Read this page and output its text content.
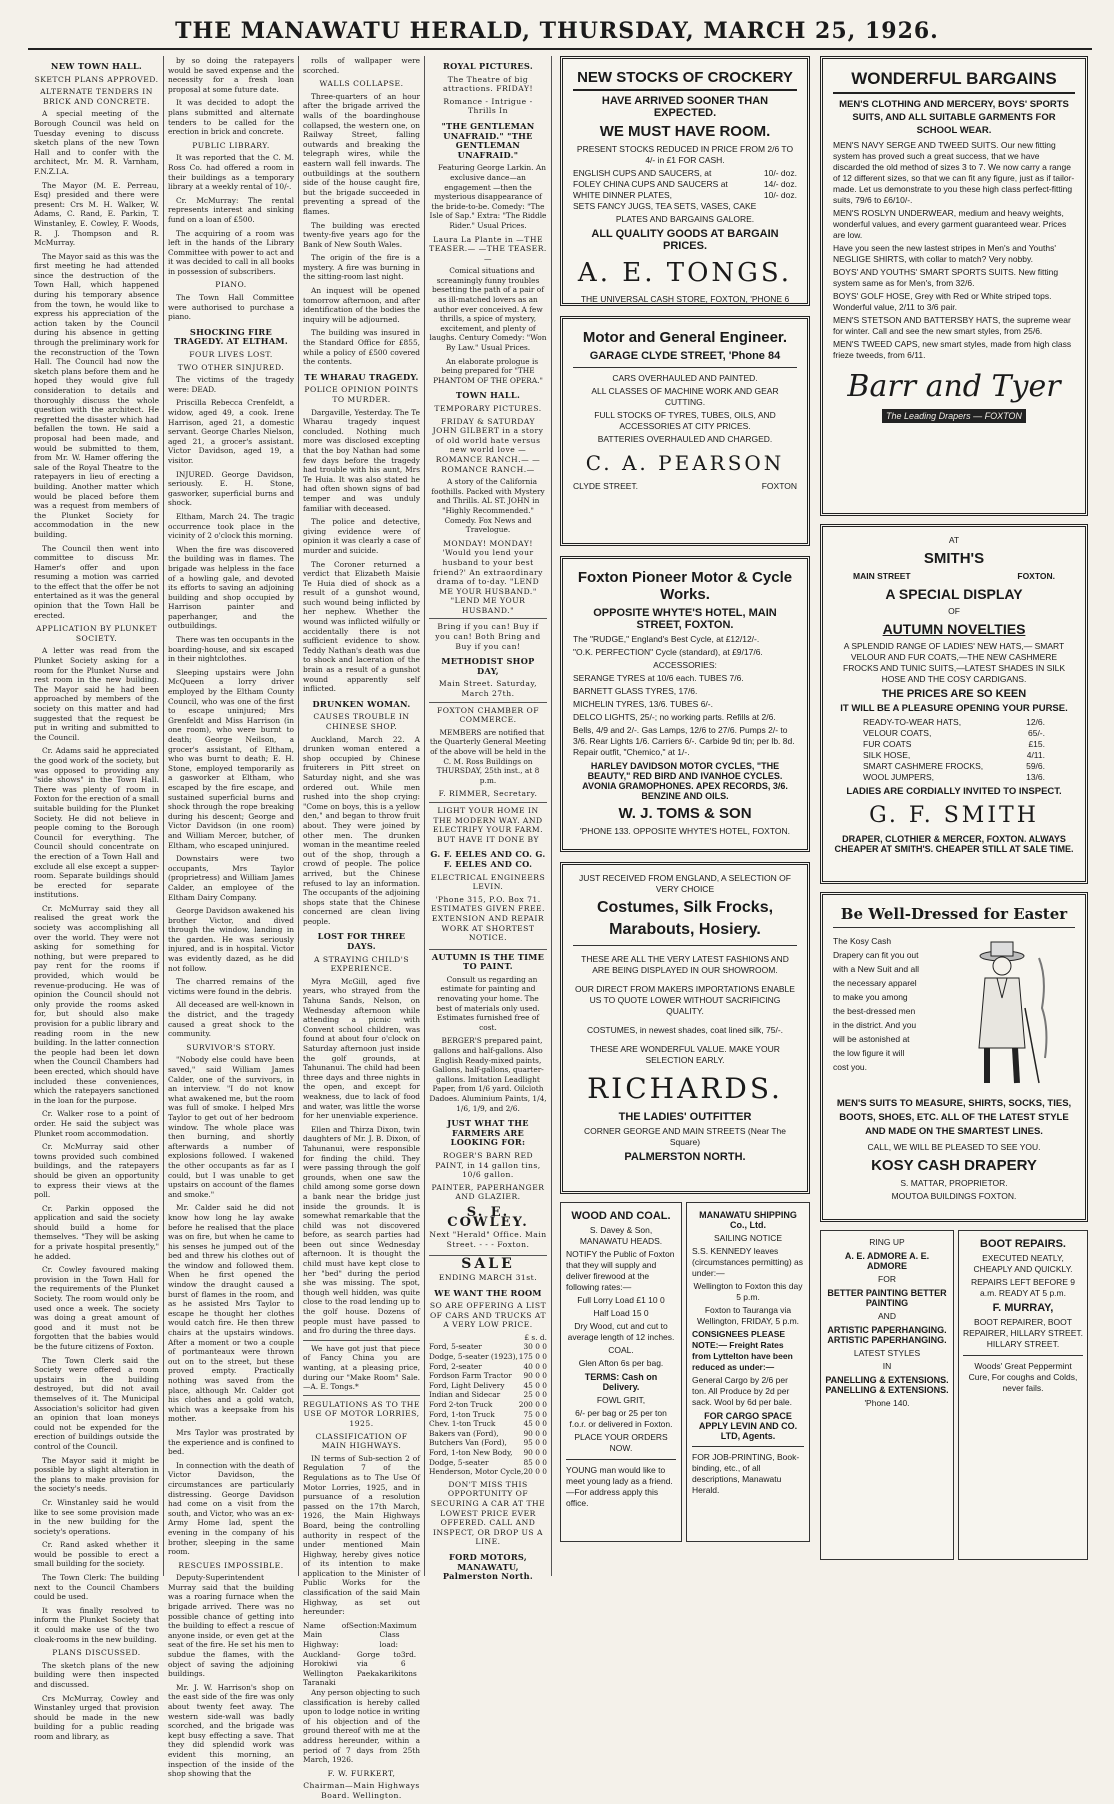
THE MANAWATU HERALD, THURSDAY, MARCH 25, 1926.
NEW TOWN HALL.
SKETCH PLANS APPROVED.
ALTERNATE TENDERS IN BRICK AND CONCRETE.

A special meeting of the Borough Council was held on Tuesday evening to discuss sketch plans of the new Town Hall and to confer with the architect, Mr. M. R. Varnham, F.N.Z.I.A.

The Mayor (M. E. Perreau, Esq) presided and there were present: Crs M. H. Walker, W. Adams, C. Rand, E. Parkin, T. Winstanley, E. Cowley, F. Woods, R. J. Thompson and R. McMurray.

The Mayor said as this was the first meeting he had attended since the destruction of the Town Hall, which happened during his temporary absence from the town, he would like to express his appreciation of the action taken by the Council during his absence in getting through the preliminary work for the reconstruction of the Town Hall. The Council had now the sketch plans before them and he hoped they would give full consideration to details and thoroughly discuss the whole question with the architect. He regretted the disaster which had befallen the town. He said a proposal had been made, and would be submitted to them, from Mr. W. Hamer offering the sale of the Royal Theatre to the ratepayers in lieu of erecting a building. Another matter which would be placed before them was a request from members of the Plunket Society for accommodation in the new building.

The Council then went into committee to discuss Mr. Hamer's offer and upon resuming a motion was carried to the effect that the offer be not entertained as it was the general opinion that the Town Hall be erected.

APPLICATION BY PLUNKET SOCIETY.

A letter was read from the Plunket Society asking for a room for the Plunket Nurse and rest room in the new building. The Mayor said he had been approached by members of the society on this matter and had suggested that the request be put in writing and submitted to the Council.

Cr. Adams said he appreciated the good work of the society, but was opposed to providing any "side shows" in the Town Hall. There was plenty of room in Foxton for the erection of a small suitable building for the Plunket Society. He did not believe in people coming to the Borough Council for everything. The Council should concentrate on the erection of a Town Hall and exclude all else except a supper-room. Separate buildings should be erected for separate institutions.

Cr. McMurray said they all realised the great work the society was accomplishing all over the world. They were not asking for something for nothing, but were prepared to pay rent for the rooms if provided, which would be revenue-producing. He was of opinion the Council should not only provide the rooms asked for, but should also make provision for a public library and reading room in the new building. In the latter connection the people had been let down when the Council Chambers had been erected, which should have included these conveniences, which the ratepayers sanctioned in the loan for the purpose.

Cr. Walker rose to a point of order. He said the subject was Plunket room accommodation.

Cr. McMurray said other towns provided such combined buildings, and the ratepayers should be given an opportunity to express their views at the poll.

Cr. Parkin opposed the application and said the society should build a home for themselves. "They will be asking for a private hospital presently," he added.

Cr. Cowley favoured making provision in the Town Hall for the requirements of the Plunket Society. The room would only be used once a week. The society was doing a great amount of good and it must not be forgotten that the babies would be the future citizens of Foxton.

The Town Clerk said the Society were offered a room upstairs in the building destroyed, but did not avail themselves of it. The Municipal Association's solicitor had given an opinion that loan moneys could not be expended for the erection of buildings outside the control of the Council.

The Mayor said it might be possible by a slight alteration in the plans to make provision for the society's needs.

Cr. Winstanley said he would like to see some provision made in the new building for the society's operations.

Cr. Rand asked whether it would be possible to erect a small building for the society.

The Town Clerk: The building next to the Council Chambers could be used.

It was finally resolved to inform the Plunket Society that it could make use of the two cloak-rooms in the new building.

PLANS DISCUSSED.

The sketch plans of the new building were then inspected and discussed.

Crs McMurray, Cowley and Winstanley urged that provision should be made in the new building for a public reading room and library, as

by so doing the ratepayers would be saved expense and the necessity for a fresh loan proposal at some future date.

It was decided to adopt the plans submitted and alternate tenders to be called for the erection in brick and concrete.

PUBLIC LIBRARY.

It was reported that the C. M. Ross Co. had offered a room in their buildings as a temporary library at a weekly rental of 10/-.

Cr. McMurray: The rental represents interest and sinking fund on a loan of £500.

The acquiring of a room was left in the hands of the Library Committee with power to act and it was decided to call in all books in possession of subscribers.

PIANO.

The Town Hall Committee were authorised to purchase a piano.

SHOCKING FIRE TRAGEDY. AT ELTHAM.
FOUR LIVES LOST.
TWO OTHER SINJURED.

The victims of the tragedy were: DEAD.

Priscilla Rebecca Crenfeldt, a widow, aged 49, a cook. Irene Harrison, aged 21, a domestic servant. George Charles Nielson, aged 21, a grocer's assistant. Victor Davidson, aged 19, a visitor.

INJURED. George Davidson, seriously. E. H. Stone, gasworker, superficial burns and shock.

Eltham, March 24. The tragic occurrence took place in the vicinity of 2 o'clock this morning.

When the fire was discovered the building was in flames. The brigade was helpless in the face of a howling gale, and devoted its efforts to saving an adjoining building and shop occupied by Harrison painter and paperhanger, and the outbuildings.

There was ten occupants in the boarding-house, and six escaped in their nightclothes.

Sleeping upstairs were John McQueen a lorry driver employed by the Eltham County Council, who was one of the first to escape uninjured; Mrs Grenfeldt and Miss Harrison (in one room), who were burnt to death; George Neilson, a grocer's assistant, of Eltham, who was burnt to death; E. H. Stone, employed temporarily as a gasworker at Eltham, who escaped by the fire escape, and sustained superficial burns and shock through the rope breaking during his descent; George and Victor Davidson (in one room) and William Mercer, butcher, of Eltham, who escaped uninjured.

Downstairs were two occupants, Mrs Taylor (proprietress) and William James Calder, an employee of the Eltham Dairy Company.

George Davidson awakened his brother Victor, and dived through the window, landing in the garden. He was seriously injured, and is in hospital. Victor was evidently dazed, as he did not follow.

The charred remains of the victims were found in the debris.

All deceased are well-known in the district, and the tragedy caused a great shock to the community.

SURVIVOR'S STORY.

"Nobody else could have been saved," said William James Calder, one of the survivors, in an interview. "I do not know what awakened me, but the room was full of smoke. I helped Mrs Taylor to get out of her bedroom window. The whole place was then burning, and shortly afterwards a number of explosions followed. I wakened the other occupants as far as I could, but I was unable to get upstairs on account of the flames and smoke."

Mr. Calder said he did not know how long he lay awake before he realised that the place was on fire, but when he came to his senses he jumped out of the bed and threw his clothes out of the window and followed them. When he first opened the window the draught caused a burst of flames in the room, and as he assisted Mrs Taylor to escape he thought her clothes would catch fire. He then threw chairs at the upstairs windows. After a moment or two a couple of portmanteaux were thrown out on to the street, but these proved empty. Practically nothing was saved from the place, although Mr. Calder got his clothes and a gold watch, which was a keepsake from his mother.

Mrs Taylor was prostrated by the experience and is confined to bed.

In connection with the death of Victor Davidson, the circumstances are particularly distressing. George Davidson had come on a visit from the south, and Victor, who was an ex-Army Home lad, spent the evening in the company of his brother, sleeping in the same room.

RESCUES IMPOSSIBLE.

Deputy-Superintendent Murray said that the building was a roaring furnace when the brigade arrived. There was no possible chance of getting into the building to effect a rescue of anyone inside, or even get at the seat of the fire. He set his men to subdue the flames, with the object of saving the adjoining buildings.

Mr. J. W. Harrison's shop on the east side of the fire was only about twenty feet away. The western side-wall was badly scorched, and the brigade was kept busy effecting a save. That they did splendid work was evident this morning, an inspection of the inside of the shop showing that the

rolls of wallpaper were scorched.

WALLS COLLAPSE.

Three-quarters of an hour after the brigade arrived the walls of the boardinghouse collapsed, the western one, on Railway Street, falling outwards and breaking the telegraph wires, while the eastern wall fell inwards. The outbuildings at the southern side of the house caught fire, but the brigade succeeded in preventing a spread of the flames.

The building was erected twenty-five years ago for the Bank of New South Wales.

The origin of the fire is a mystery. A fire was burning in the sitting-room last night.

An inquest will be opened tomorrow afternoon, and after identification of the bodies the inquiry will be adjourned.

The building was insured in the Standard Office for £855, while a policy of £500 covered the contents.

TE WHARAU TRAGEDY.
POLICE OPINION POINTS TO MURDER.

Dargaville, Yesterday. The Te Wharau tragedy inquest concluded. Nothing much more was disclosed excepting that the boy Nathan had some few days before the tragedy had trouble with his aunt, Mrs Te Huia. It was also stated he had often shown signs of bad temper and was unduly familiar with deceased.

The police and detective, giving evidence were of opinion it was clearly a case of murder and suicide.

The Coroner returned a verdict that Elizabeth Maisie Te Huia died of shock as a result of a gunshot wound, such wound being inflicted by her nephew. Whether the wound was inflicted wilfully or accidentally there is not sufficient evidence to show. Teddy Nathan's death was due to shock and laceration of the brain as a result of a gunshot wound apparently self inflicted.

DRUNKEN WOMAN.
CAUSES TROUBLE IN CHINESE SHOP.

Auckland, March 22. A drunken woman entered a shop occupied by Chinese fruiterers in Pitt street on Saturday night, and she was ordered out. While men rushed into the shop crying: "Come on boys, this is a yellow den," and began to throw fruit about. They were joined by other men. The drunken woman in the meantime reeled out of the shop, through a crowd of people. The police arrived, but the Chinese refused to lay an information. The occupants of the adjoining shops state that the Chinese concerned are clean living people.

LOST FOR THREE DAYS.
A STRAYING CHILD'S EXPERIENCE.

Myra McGill, aged five years, who strayed from the Tahuna Sands, Nelson, on Wednesday afternoon while attending a picnic with Convent school children, was found at about four o'clock on Saturday afternoon just inside the golf grounds, at Tahunanui. The child had been three days and three nights in the open, and except for weakness, due to lack of food and water, was little the worse for her unenviable experience.

Ellen and Thirza Dixon, twin daughters of Mr. J. B. Dixon, of Tahunanui, were responsible for finding the child. They were passing through the golf grounds, when one saw the child among some gorse down a bank near the bridge just inside the grounds. It is somewhat remarkable that the child was not discovered before, as search parties had been out since Wednesday afternoon. It is thought the child must have kept close to her "bed" during the period she was missing. The spot, though well hidden, was quite close to the road lending up to the golf house. Dozens of people must have passed to and fro during the three days.

We have got just that piece of Fancy China you are wanting, at a pleasing price, during our "Make Room" Sale.—A. E. Tongs.*

REGULATIONS AS TO THE USE OF MOTOR LORRIES, 1925.
CLASSIFICATION OF MAIN HIGHWAYS.

IN terms of Sub-section 2 of Regulation 7 of the Regulations as to The Use Of Motor Lorries, 1925, and in pursuance of a resolution passed on the 17th March, 1926, the Main Highways Board, being the controlling authority in respect of the under mentioned Main Highway, hereby gives notice of its intention to make application to the Minister of Public Works for the classification of the said Main Highway, as set out hereunder:

Name of Main Highway:
Section: Maximum Class load:
Auckland-Horokiwi Wellington
Gorge to via Paekakariki
3rd. 6 tons
Taranaki

Any person objecting to such classification is hereby called upon to lodge notice in writing of his objection and of the ground thereof with me at the address hereunder, within a period of 7 days from 25th March, 1926.

F. W. FURKERT,
Chairman—Main Highways Board. Wellington.
ROYAL PICTURES.
The Theatre of big attractions. FRIDAY!
Romance - Intrigue - Thrills In
"THE GENTLEMAN UNAFRAID." "THE GENTLEMAN UNAFRAID."

Featuring George Larkin. An exclusive dance—an engagement —then the mysterious disappearance of the bride-to-be. Comedy: "The Isle of Sap." Extra: "The Riddle Rider." Usual Prices.

Laura La Plante in —THE TEASER.— —THE TEASER.—

Comical situations and screamingly funny troubles besetting the path of a pair of as ill-matched lovers as an author ever conceived. A few thrills, a spice of mystery, excitement, and plenty of laughs. Century Comedy: "Won By Law." Usual Prices.

An elaborate prologue is being prepared for "THE PHANTOM OF THE OPERA."

TOWN HALL.
TEMPORARY PICTURES.
FRIDAY & SATURDAY JOHN GILBERT in a story of old world hate versus new world love —ROMANCE RANCH.— —ROMANCE RANCH.—

A story of the California foothills. Packed with Mystery and Thrills. AL ST. JOHN in "Highly Recommended." Comedy. Fox News and Travelogue.

MONDAY! MONDAY! 'Would you lend your husband to your best friend?' An extraordinary drama of to-day. "LEND ME YOUR HUSBAND." "LEND ME YOUR HUSBAND."
Bring if you can! Buy if you can! Both Bring and Buy if you can!
METHODIST SHOP DAY,
Main Street. Saturday, March 27th.
FOXTON CHAMBER OF COMMERCE.

MEMBERS are notified that the Quarterly General Meeting of the above will be held in the C. M. Ross Buildings on THURSDAY, 25th inst., at 8 p.m.

F. RIMMER, Secretary.
LIGHT YOUR HOME IN THE MODERN WAY. AND ELECTRIFY YOUR FARM. BUT HAVE IT DONE BY
G. F. EELES AND CO. G. F. EELES AND CO.
ELECTRICAL ENGINEERS LEVIN.
'Phone 315, P.O. Box 71. ESTIMATES GIVEN FREE. EXTENSION AND REPAIR WORK AT SHORTEST NOTICE.
AUTUMN IS THE TIME TO PAINT.

Consult us regarding an estimate for painting and renovating your home. The best of materials only used. Estimates furnished free of cost.

BERGER'S prepared paint, gallons and half-gallons. Also English Ready-mixed paints, Gallons, half-gallons, quarter-gallons. Imitation Leadlight Paper, from 1/6 yard. Oilcloth Dadoes. Aluminium Paints, 1/4, 1/6, 1/9, and 2/6.

JUST WHAT THE FARMERS ARE LOOKING FOR:
ROGER'S BARN RED PAINT, in 14 gallon tins, 10/6 gallon.
PAINTER, PAPERHANGER AND GLAZIER.
S. E. COWLEY.
Next "Herald" Office. Main Street. - - - Foxton.
SALE
ENDING MARCH 31st.
WE WANT THE ROOM
SO ARE OFFERING A LIST OF CARS AND TRUCKS AT A VERY LOW PRICE.
£ s. d.
Ford, 5-seater	30 0 0
Dodge, 5-seater (1923), 175 0 0
Ford, 2-seater	40 0 0
Fordson Farm Tractor 90 0 0
Ford, Light Delivery	45 0 0
Indian and Sidecar	25 0 0
Ford 2-ton Truck	200 0 0
Ford, 1-ton Truck	75 0 0
Chev. 1-ton Truck	45 0 0
Bakers van (Ford),	90 0 0
Butchers Van (Ford), 95 0 0
Ford, 1-ton New Body, 90 0 0
Dodge, 5-seater	85 0 0
Henderson, Motor Cycle, 20 0 0
DON'T MISS THIS OPPORTUNITY OF SECURING A CAR AT THE LOWEST PRICE EVER OFFERED. CALL AND INSPECT, OR DROP US A LINE.
FORD MOTORS, MANAWATU, Palmerston North.
NEW STOCKS OF CROCKERY
HAVE ARRIVED SOONER THAN EXPECTED.
WE MUST HAVE ROOM.
PRESENT STOCKS REDUCED IN PRICE FROM 2/6 TO 4/- in £1 FOR CASH.
ENGLISH CUPS AND SAUCERS, at	10/- doz.
FOLEY CHINA CUPS AND SAUCERS at	14/- doz.
WHITE DINNER PLATES,	10/- doz.
SETS FANCY JUGS, TEA SETS, VASES, CAKE
PLATES AND BARGAINS GALORE.
ALL QUALITY GOODS AT BARGAIN PRICES.
A. E. TONGS.
THE UNIVERSAL CASH STORE, FOXTON, 'PHONE 6
Motor and General Engineer.
GARAGE CLYDE STREET, 'Phone 84
CARS OVERHAULED AND PAINTED.
ALL CLASSES OF MACHINE WORK AND GEAR CUTTING.
FULL STOCKS OF TYRES, TUBES, OILS, AND ACCESSORIES AT CITY PRICES.
BATTERIES OVERHAULED AND CHARGED.
C. A. PEARSON
CLYDE STREET.	FOXTON
Foxton Pioneer Motor & Cycle Works.
OPPOSITE WHYTE'S HOTEL, MAIN STREET, FOXTON.
The "RUDGE," England's Best Cycle, at £12/12/-.
"O.K. PERFECTION" Cycle (standard), at £9/17/6.
ACCESSORIES:
SERANGE TYRES at 10/6 each. TUBES 7/6.
BARNETT GLASS TYRES, 17/6.
MICHELIN TYRES, 13/6. TUBES 6/-.
DELCO LIGHTS, 25/-; no working parts. Refills at 2/6.
Bells, 4/9 and 2/-. Gas Lamps, 12/6 to 27/6. Pumps 2/- to 3/6. Rear Lights 1/6. Carriers 6/-. Carbide 9d tin; per lb. 8d. Repair outfit, "Chemico," at 1/-.
HARLEY DAVIDSON MOTOR CYCLES, "THE BEAUTY," RED BIRD AND IVANHOE CYCLES. AVONIA GRAMOPHONES. APEX RECORDS, 3/6. BENZINE AND OILS.
W. J. TOMS & SON
'PHONE 133. OPPOSITE WHYTE'S HOTEL, FOXTON.
JUST RECEIVED FROM ENGLAND, A SELECTION OF VERY CHOICE
Costumes, Silk Frocks,
Marabouts, Hosiery.
THESE ARE ALL THE VERY LATEST FASHIONS AND ARE BEING DISPLAYED IN OUR SHOWROOM.
OUR DIRECT FROM MAKERS IMPORTATIONS ENABLE US TO QUOTE LOWER WITHOUT SACRIFICING QUALITY.
COSTUMES, in newest shades, coat lined silk, 75/-.
THESE ARE WONDERFUL VALUE. MAKE YOUR SELECTION EARLY.
RICHARDS.
THE LADIES' OUTFITTER
CORNER GEORGE AND MAIN STREETS (Near The Square)
PALMERSTON NORTH.
WOOD AND COAL.
S. Davey & Son, MANAWATU HEADS.
NOTIFY the Public of Foxton that they will supply and deliver firewood at the following rates:—
Full Lorry Load £1 10 0
Half Load 15 0
Dry Wood, cut and cut to average length of 12 inches.
COAL.
Glen Afton 6s per bag.
TERMS: Cash on Delivery.
FOWL GRIT,
6/- per bag or 25 per ton f.o.r. or delivered in Foxton.
PLACE YOUR ORDERS NOW.
YOUNG man would like to meet young lady as a friend.—For address apply this office.
MANAWATU SHIPPING Co., Ltd.
SAILING NOTICE
S.S. KENNEDY leaves (circumstances permitting) as under:—
Wellington to Foxton this day 5 p.m.
Foxton to Tauranga via Wellington, FRIDAY, 5 p.m.
CONSIGNEES PLEASE NOTE:— Freight Rates from Lyttelton have been reduced as under:—
General Cargo by 2/6 per ton. All Produce by 2d per sack. Wool by 6d per bale.
FOR CARGO SPACE APPLY LEVIN AND CO. LTD, Agents.
FOR JOB-PRINTING, Book-binding, etc., of all descriptions, Manawatu Herald.
WONDERFUL BARGAINS
MEN'S CLOTHING AND MERCERY, BOYS' SPORTS SUITS, AND ALL SUITABLE GARMENTS FOR SCHOOL WEAR.
MEN'S NAVY SERGE AND TWEED SUITS. Our new fitting system has proved such a great success, that we have discarded the old method of sizes 3 to 7. We now carry a range of 12 different sizes, so that we can fit any figure, just as if tailor-made. Let us demonstrate to you these high class perfect-fitting suits, 79/6 to £6/10/-.
MEN'S ROSLYN UNDERWEAR, medium and heavy weights, wonderful values, and every garment guaranteed wear. Prices are low.
Have you seen the new lastest stripes in Men's and Youths' NEGLIGE SHIRTS, with collar to match? Very nobby.
BOYS' AND YOUTHS' SMART SPORTS SUITS. New fitting system same as for Men's, from 32/6.
BOYS' GOLF HOSE, Grey with Red or White striped tops. Wonderful value, 2/11 to 3/6 pair.
MEN'S STETSON AND BATTERSBY HATS, the supreme wear for winter. Call and see the new smart styles, from 25/6.
MEN'S TWEED CAPS, new smart styles, made from high class frieze tweeds, from 6/11.
Barr and Tyer
The Leading Drapers — FOXTON
AT
SMITH'S
MAIN STREET	FOXTON.
A SPECIAL DISPLAY
OF
AUTUMN NOVELTIES
A SPLENDID RANGE OF LADIES' NEW HATS,— SMART VELOUR AND FUR COATS,—THE NEW CASHMERE FROCKS AND TUNIC SUITS,—LATEST SHADES IN SILK HOSE AND THE COSY CARDIGANS.
THE PRICES ARE SO KEEN
IT WILL BE A PLEASURE OPENING YOUR PURSE.
READY-TO-WEAR HATS,	12/6.
VELOUR COATS,	65/-.
FUR COATS	£15.
SILK HOSE,	4/11.
SMART CASHMERE FROCKS,	59/6.
WOOL JUMPERS,	13/6.
LADIES ARE CORDIALLY INVITED TO INSPECT.
G. F. SMITH
DRAPER, CLOTHIER & MERCER, FOXTON. ALWAYS CHEAPER AT SMITH'S. CHEAPER STILL AT SALE TIME.
Be Well-Dressed for Easter
The Kosy Cash Drapery can fit you out with a New Suit and all the necessary apparel to make you among the best-dressed men in the district. And you will be astonished at the low figure it will cost you.
MEN'S SUITS TO MEASURE, SHIRTS, SOCKS, TIES, BOOTS, SHOES, ETC. ALL OF THE LATEST STYLE AND MADE ON THE SMARTEST LINES.
CALL, WE WILL BE PLEASED TO SEE YOU.
KOSY CASH DRAPERY
S. MATTAR, PROPRIETOR.
MOUTOA BUILDINGS FOXTON.
RING UP
A. E. ADMORE A. E. ADMORE
FOR
BETTER PAINTING BETTER PAINTING
AND
ARTISTIC PAPERHANGING. ARTISTIC PAPERHANGING.
LATEST STYLES
IN
PANELLING & EXTENSIONS. PANELLING & EXTENSIONS.
'Phone 140.
BOOT REPAIRS.
EXECUTED NEATLY, CHEAPLY AND QUICKLY.
REPAIRS LEFT BEFORE 9 a.m. READY AT 5 p.m.
F. MURRAY,
BOOT REPAIRER, BOOT REPAIRER, HILLARY STREET. HILLARY STREET.
Woods' Great Peppermint Cure, For coughs and Colds, never fails.
